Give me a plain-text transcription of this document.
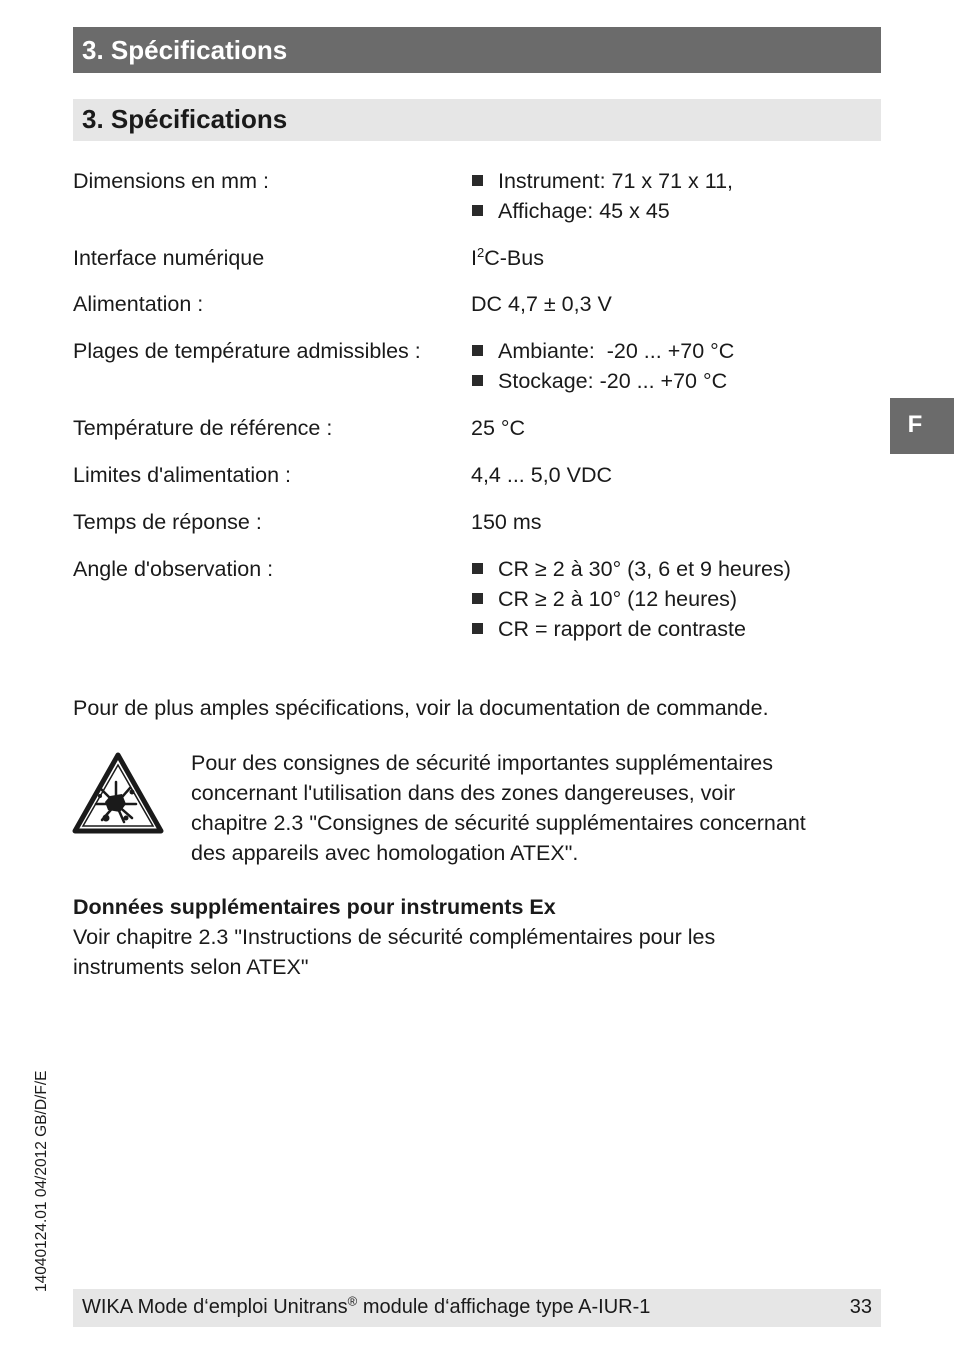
3. Spécifications
3. Spécifications
Dimensions en mm :	Instrument: 71 x 71 x 11,
Affichage: 45 x 45
Interface numérique	$I^2C$-Bus
Alimentation :	DC 4,7 ± 0,3 V
Plages de température admissibles :	Ambiante:  -20 ... +70 °C
Stockage: -20 ... +70 °C
Température de référence :	25 °C
Limites d'alimentation :	4,4 ... 5,0 VDC
Temps de réponse :	150 ms
Angle d'observation :	CR ≥ 2 à 30° (3, 6 et 9 heures)
CR ≥ 2 à 10° (12 heures)
CR = rapport de contraste
F
Pour de plus amples spécifications, voir la documentation de commande.
Pour des consignes de sécurité importantes supplémentaires
concernant l'utilisation dans des zones dangereuses, voir
chapitre 2.3 "Consignes de sécurité supplémentaires concernant
des appareils avec homologation ATEX".
Données supplémentaires pour instruments Ex
Voir chapitre 2.3 "Instructions de sécurité complémentaires pour les
instruments selon ATEX"
14040124.01 04/2012 GB/D/F/E
WIKA Mode d‘emploi Unitrans® module d‘affichage type A-IUR-1	33
